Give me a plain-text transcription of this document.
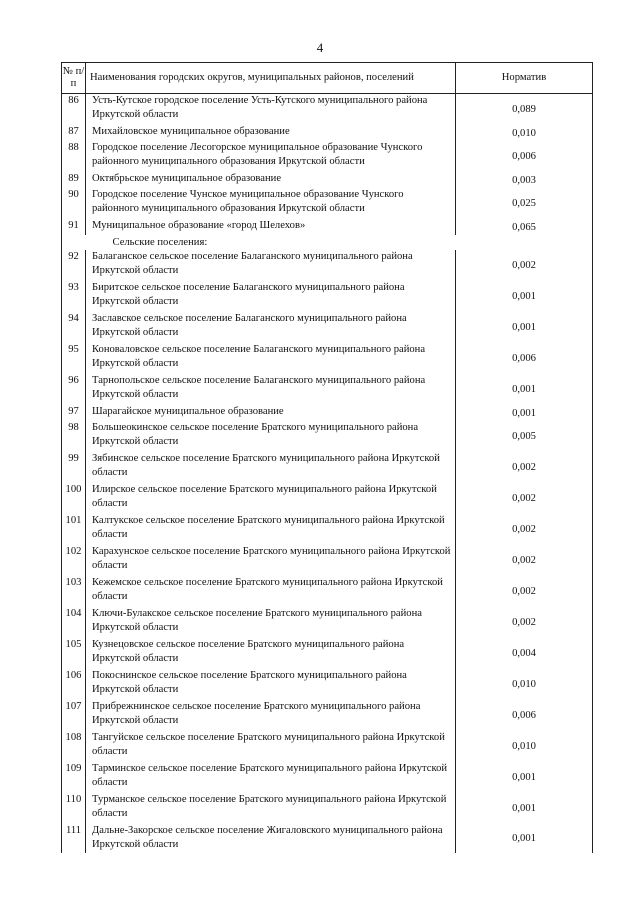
4
№ п/п	Наименования городских округов, муниципальных районов, поселений	Норматив
86	Усть-Кутское городское поселение Усть-Кутского муниципального района Иркутской области	0,089
87	Михайловское муниципальное образование	0,010
88	Городское поселение Лесогорское муниципальное образование Чунского районного муниципального образования Иркутской области	0,006
89	Октябрьское муниципальное образование	0,003
90	Городское поселение Чунское муниципальное образование Чунского районного муниципального образования Иркутской области	0,025
91	Муниципальное образование «город Шелехов»	0,065
	Сельские поселения:	
92	Балаганское сельское поселение Балаганского муниципального района Иркутской области	0,002
93	Биритское сельское поселение Балаганского муниципального района Иркутской области	0,001
94	Заславское сельское поселение Балаганского муниципального района Иркутской области	0,001
95	Коноваловское сельское поселение Балаганского муниципального района Иркутской области	0,006
96	Тарнопольское сельское поселение Балаганского муниципального района Иркутской области	0,001
97	Шарагайское муниципальное образование	0,001
98	Большеокинское сельское поселение Братского муниципального района Иркутской области	0,005
99	Зябинское сельское поселение Братского муниципального района Иркутской области	0,002
100	Илирское сельское поселение Братского муниципального района Иркутской области	0,002
101	Калтукское сельское поселение Братского муниципального района Иркутской области	0,002
102	Карахунское сельское поселение Братского муниципального района Иркутской области	0,002
103	Кежемское сельское поселение Братского муниципального района Иркутской области	0,002
104	Ключи-Булакское сельское поселение Братского муниципального района Иркутской области	0,002
105	Кузнецовское сельское поселение Братского муниципального района Иркутской области	0,004
106	Покоснинское сельское поселение Братского муниципального района Иркутской области	0,010
107	Прибрежнинское сельское поселение Братского муниципального района Иркутской области	0,006
108	Тангуйское сельское поселение Братского муниципального района Иркутской области	0,010
109	Тарминское сельское поселение Братского муниципального района Иркутской области	0,001
110	Турманское сельское поселение Братского муниципального района Иркутской области	0,001
111	Дальне-Закорское сельское поселение Жигаловского муниципального района Иркутской области	0,001
